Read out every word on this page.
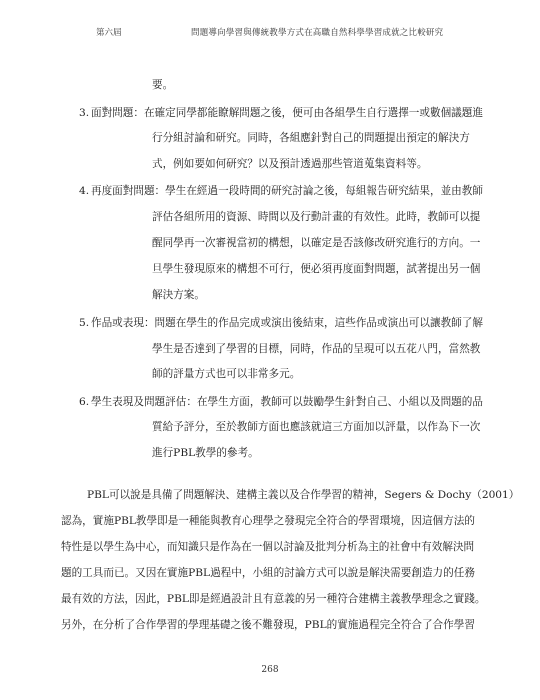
第六屆	問題導向學習與傳統教學方式在高職自然科學學習成就之比較研究
要。
3. 面對問題：在確定同學都能瞭解問題之後，便可由各組學生自行選擇一或數個議題進
行分組討論和研究。同時，各組應針對自己的問題提出預定的解決方
式，例如要如何研究？以及預計透過那些管道蒐集資料等。
4. 再度面對問題：學生在經過一段時間的研究討論之後，每組報告研究結果，並由教師
評估各組所用的資源、時間以及行動計畫的有效性。此時，教師可以提
醒同學再一次審視當初的構想，以確定是否該修改研究進行的方向。一
旦學生發現原來的構想不可行，便必須再度面對問題，試著提出另一個
解決方案。
5. 作品或表現：問題在學生的作品完成或演出後結束，這些作品或演出可以讓教師了解
學生是否達到了學習的目標，同時，作品的呈現可以五花八門，當然教
師的評量方式也可以非常多元。
6. 學生表現及問題評估：在學生方面，教師可以鼓勵學生針對自己、小組以及問題的品
質給予評分，至於教師方面也應該就這三方面加以評量，以作為下一次
進行PBL教學的參考。
PBL可以說是具備了問題解決、建構主義以及合作學習的精神，Segers & Dochy（2001）
認為，實施PBL教學即是一種能與教育心理學之發現完全符合的學習環境，因這個方法的
特性是以學生為中心，而知識只是作為在一個以討論及批判分析為主的社會中有效解決問
題的工具而已。又因在實施PBL過程中，小組的討論方式可以說是解決需要創造力的任務
最有效的方法，因此，PBL即是經過設計且有意義的另一種符合建構主義教學理念之實踐。
另外，在分析了合作學習的學理基礎之後不難發現，PBL的實施過程完全符合了合作學習
268
